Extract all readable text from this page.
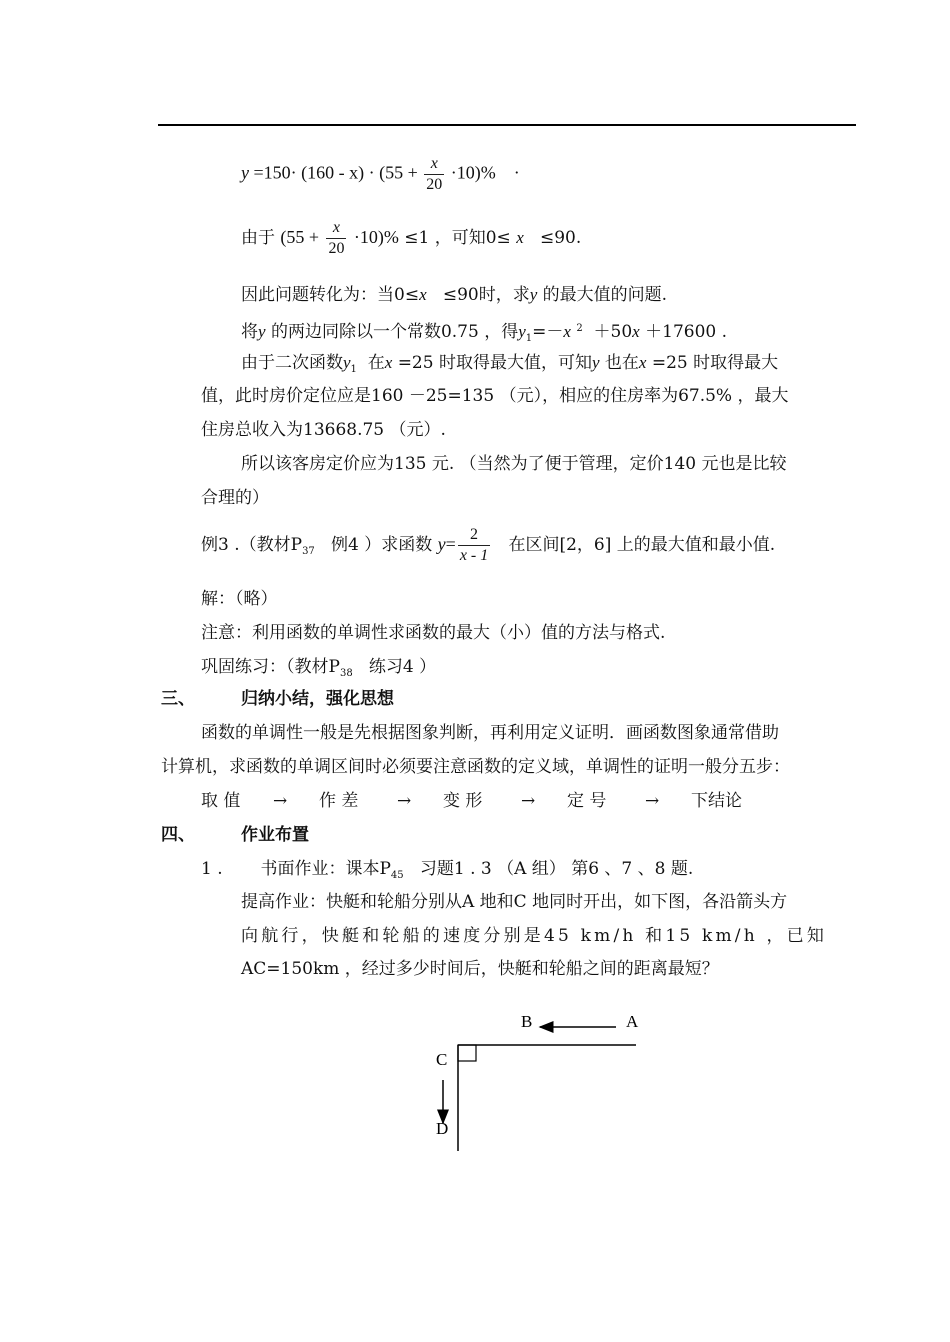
$y =150\cdot (160 - x) \cdot (55 + \frac{x}{20} \cdot 10)\%$ ·
由于 $(55 + \frac{x}{20} \cdot 10)\% \le 1$ ，可知0≤ x ≤90.
因此问题转化为：当0≤x ≤90时，求y 的最大值的问题.
将y 的两边同除以一个常数0.75 ，得$y_1=-x$ $^2$ ＋50x ＋17600 .
由于二次函数$y_1$ 在x =25 时取得最大值，可知y 也在x =25 时取得最大
值，此时房价定位应是160 －25=135 （元），相应的住房率为67.5% ，最大
住房总收入为13668.75 （元）.
所以该客房定价应为135 元. （当然为了便于管理，定价140 元也是比较
合理的）
例3 .（教材$P_{37}$ 例4 ）求函数 $y= \frac{2}{x - 1}$ 在区间[2，6] 上的最大值和最小值.
解：（略）
注意：利用函数的单调性求函数的最大（小）值的方法与格式.
巩固练习：（教材$P_{38}$ 练习4 ）
三、	归纳小结，强化思想
函数的单调性一般是先根据图象判断，再利用定义证明．画函数图象通常借助
计算机，求函数的单调区间时必须要注意函数的定义域，单调性的证明一般分五步：
取 值 → 作 差 → 变 形 → 定 号 → 下结论
四、	作业布置
1 . 书面作业：课本$P_{45}$ 习题1 . 3 （A 组） 第6 、7 、8 题.
提高作业：快艇和轮船分别从A 地和C 地同时开出，如下图，各沿箭头方
向航行，快艇和轮船的速度分别是45 km/h 和15 km/h ，已知
AC=150km ，经过多少时间后，快艇和轮船之间的距离最短？
B	A
C
D
